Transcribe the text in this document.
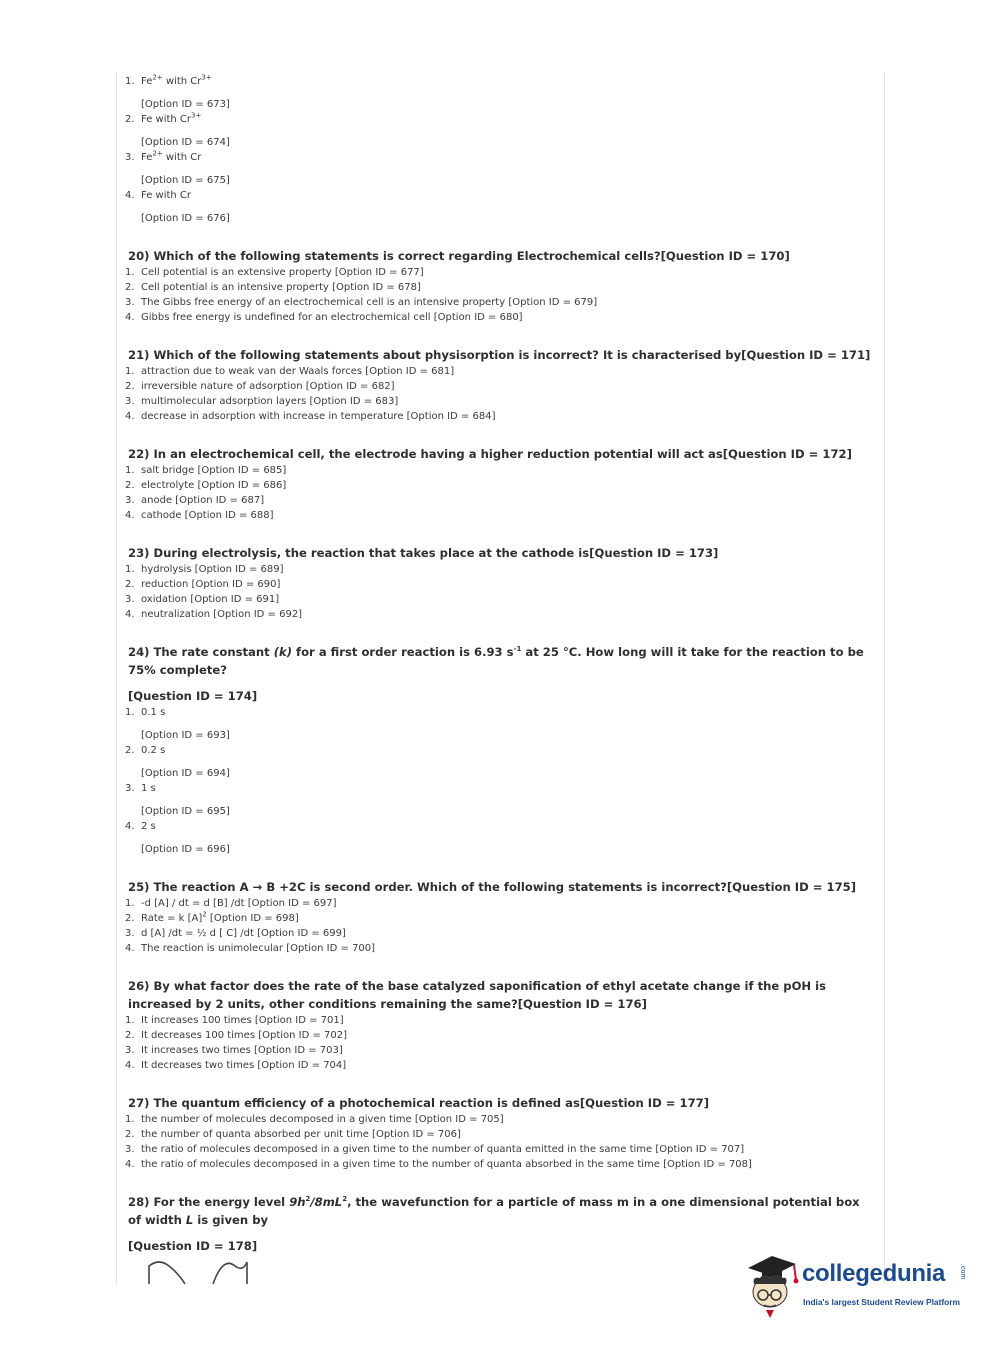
1. $Fe^{2+}$ with $Cr^{3+}$
[Option ID = 673]
2. Fe with $Cr^{3+}$
[Option ID = 674]
3. $Fe^{2+}$ with Cr
[Option ID = 675]
4. Fe with Cr
[Option ID = 676]
20) Which of the following statements is correct regarding Electrochemical cells?[Question ID = 170]
1. Cell potential is an extensive property [Option ID = 677]
2. Cell potential is an intensive property [Option ID = 678]
3. The Gibbs free energy of an electrochemical cell is an intensive property [Option ID = 679]
4. Gibbs free energy is undefined for an electrochemical cell [Option ID = 680]
21) Which of the following statements about physisorption is incorrect? It is characterised by[Question ID = 171]
1. attraction due to weak van der Waals forces [Option ID = 681]
2. irreversible nature of adsorption [Option ID = 682]
3. multimolecular adsorption layers [Option ID = 683]
4. decrease in adsorption with increase in temperature [Option ID = 684]
22) In an electrochemical cell, the electrode having a higher reduction potential will act as[Question ID = 172]
1. salt bridge [Option ID = 685]
2. electrolyte [Option ID = 686]
3. anode [Option ID = 687]
4. cathode [Option ID = 688]
23) During electrolysis, the reaction that takes place at the cathode is[Question ID = 173]
1. hydrolysis [Option ID = 689]
2. reduction [Option ID = 690]
3. oxidation [Option ID = 691]
4. neutralization [Option ID = 692]
24) The rate constant (k) for a first order reaction is 6.93 $s^{-1}$ at 25 °C. How long will it take for the reaction to be 75% complete?
[Question ID = 174]
1. 0.1 s
[Option ID = 693]
2. 0.2 s
[Option ID = 694]
3. 1 s
[Option ID = 695]
4. 2 s
[Option ID = 696]
25) The reaction A → B +2C is second order. Which of the following statements is incorrect?[Question ID = 175]
1. -d [A] / dt = d [B] /dt [Option ID = 697]
2. Rate = k $[A]^2$ [Option ID = 698]
3. d [A] /dt = ½ d [ C] /dt [Option ID = 699]
4. The reaction is unimolecular [Option ID = 700]
26) By what factor does the rate of the base catalyzed saponification of ethyl acetate change if the pOH is increased by 2 units, other conditions remaining the same?[Question ID = 176]
1. It increases 100 times [Option ID = 701]
2. It decreases 100 times [Option ID = 702]
3. It increases two times [Option ID = 703]
4. It decreases two times [Option ID = 704]
27) The quantum efficiency of a photochemical reaction is defined as[Question ID = 177]
1. the number of molecules decomposed in a given time [Option ID = 705]
2. the number of quanta absorbed per unit time [Option ID = 706]
3. the ratio of molecules decomposed in a given time to the number of quanta emitted in the same time [Option ID = 707]
4. the ratio of molecules decomposed in a given time to the number of quanta absorbed in the same time [Option ID = 708]
28) For the energy level $9h^2/8mL^2$, the wavefunction for a particle of mass m in a one dimensional potential box of width L is given by
[Question ID = 178]
collegedunia .com
India's largest Student Review Platform
